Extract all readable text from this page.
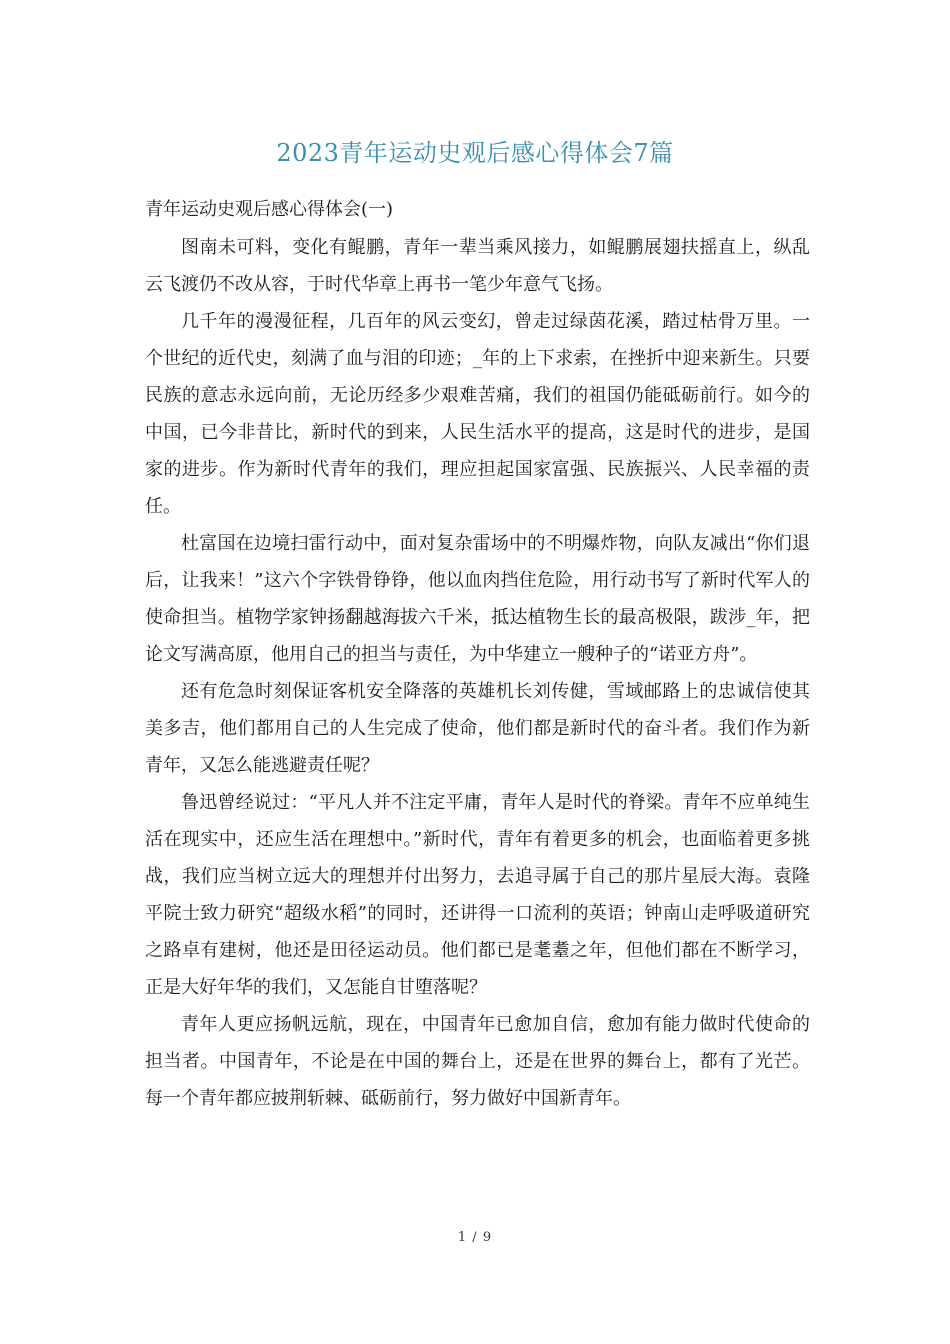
2023青年运动史观后感心得体会7篇

青年运动史观后感心得体会(一)

图南未可料，变化有鲲鹏，青年一辈当乘风接力，如鲲鹏展翅扶摇直上，纵乱云飞渡仍不改从容，于时代华章上再书一笔少年意气飞扬。

几千年的漫漫征程，几百年的风云变幻，曾走过绿茵花溪，踏过枯骨万里。一个世纪的近代史，刻满了血与泪的印迹；_年的上下求索，在挫折中迎来新生。只要民族的意志永远向前，无论历经多少艰难苦痛，我们的祖国仍能砥砺前行。如今的中国，已今非昔比，新时代的到来，人民生活水平的提高，这是时代的进步，是国家的进步。作为新时代青年的我们，理应担起国家富强、民族振兴、人民幸福的责任。

杜富国在边境扫雷行动中，面对复杂雷场中的不明爆炸物，向队友减出“你们退后，让我来！”这六个字铁骨铮铮，他以血肉挡住危险，用行动书写了新时代军人的使命担当。植物学家钟扬翻越海拔六千米，抵达植物生长的最高极限，跋涉_年，把论文写满高原，他用自己的担当与责任，为中华建立一艘种子的“诺亚方舟”。

还有危急时刻保证客机安全降落的英雄机长刘传健，雪域邮路上的忠诚信使其美多吉，他们都用自己的人生完成了使命，他们都是新时代的奋斗者。我们作为新青年，又怎么能逃避责任呢？

鲁迅曾经说过：“平凡人并不注定平庸，青年人是时代的脊梁。青年不应单纯生活在现实中，还应生活在理想中。”新时代，青年有着更多的机会，也面临着更多挑战，我们应当树立远大的理想并付出努力，去追寻属于自己的那片星辰大海。袁隆平院士致力研究“超级水稻”的同时，还讲得一口流利的英语；钟南山走呼吸道研究之路卓有建树，他还是田径运动员。他们都已是耄耋之年，但他们都在不断学习，正是大好年华的我们，又怎能自甘堕落呢？

青年人更应扬帆远航，现在，中国青年已愈加自信，愈加有能力做时代使命的担当者。中国青年，不论是在中国的舞台上，还是在世界的舞台上，都有了光芒。每一个青年都应披荆斩棘、砥砺前行，努力做好中国新青年。

1 / 9
